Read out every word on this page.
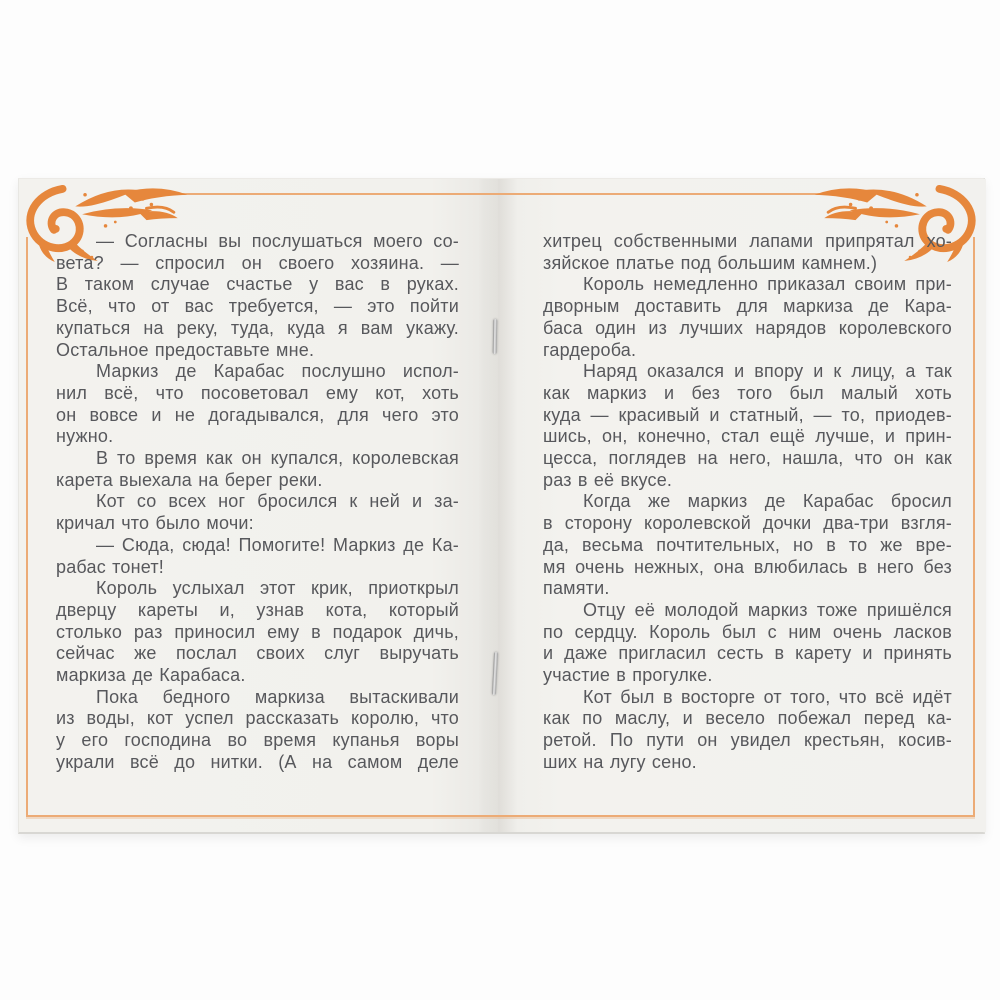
— Согласны вы послушаться моего со-
вета? — спросил он своего хозяина. —
В таком случае счастье у вас в руках.
Всё, что от вас требуется, — это пойти
купаться на реку, туда, куда я вам укажу.
Остальное предоставьте мне.
Маркиз де Карабас послушно испол-
нил всё, что посоветовал ему кот, хоть
он вовсе и не догадывался, для чего это
нужно.
В то время как он купался, королевская
карета выехала на берег реки.
Кот со всех ног бросился к ней и за-
кричал что было мочи:
— Сюда, сюда! Помогите! Маркиз де Ка-
рабас тонет!
Король услыхал этот крик, приоткрыл
дверцу кареты и, узнав кота, который
столько раз приносил ему в подарок дичь,
сейчас же послал своих слуг выручать
маркиза де Карабаса.
Пока бедного маркиза вытаскивали
из воды, кот успел рассказать королю, что
у его господина во время купанья воры
украли всё до нитки. (А на самом деле
хитрец собственными лапами припрятал хо-
зяйское платье под большим камнем.)
Король немедленно приказал своим при-
дворным доставить для маркиза де Кара-
баса один из лучших нарядов королевского
гардероба.
Наряд оказался и впору и к лицу, а так
как маркиз и без того был малый хоть
куда — красивый и статный, — то, приодев-
шись, он, конечно, стал ещё лучше, и прин-
цесса, поглядев на него, нашла, что он как
раз в её вкусе.
Когда же маркиз де Карабас бросил
в сторону королевской дочки два-три взгля-
да, весьма почтительных, но в то же вре-
мя очень нежных, она влюбилась в него без
памяти.
Отцу её молодой маркиз тоже пришёлся
по сердцу. Король был с ним очень ласков
и даже пригласил сесть в карету и принять
участие в прогулке.
Кот был в восторге от того, что всё идёт
как по маслу, и весело побежал перед ка-
ретой. По пути он увидел крестьян, косив-
ших на лугу сено.
